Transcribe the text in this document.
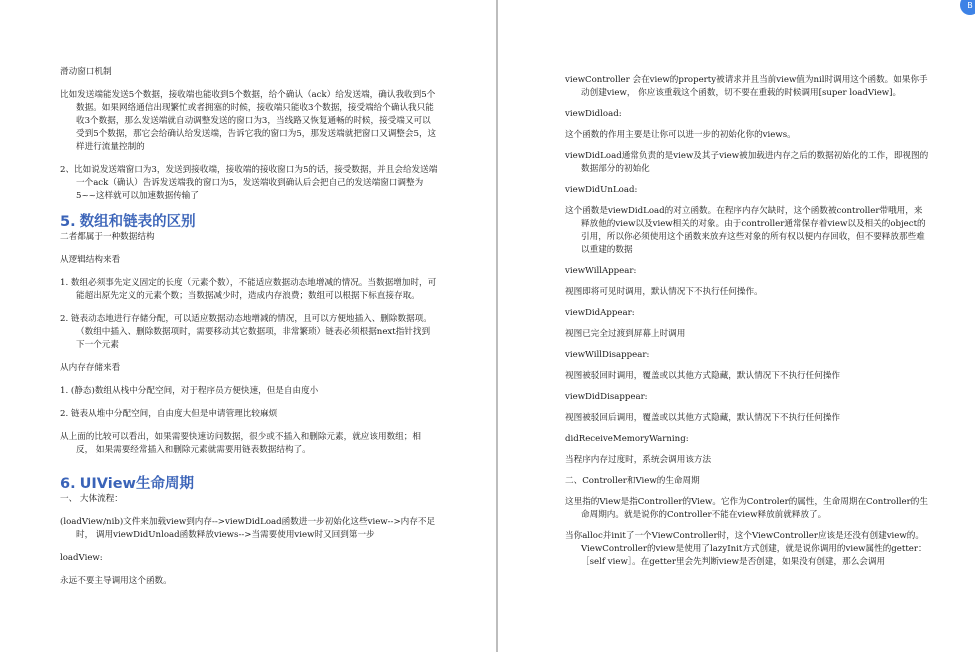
滑动窗口机制

比如发送端能发送5个数据，接收端也能收到5个数据，给个确认（ack）给发送端，确认我收到5个数据。如果网络通信出现繁忙或者拥塞的时候，接收端只能收3个数据，接受端给个确认我只能收3个数据，那么发送端就自动调整发送的窗口为3，当线路又恢复通畅的时候，接受端又可以受到5个数据，那它会给确认给发送端，告诉它我的窗口为5，那发送端就把窗口又调整会5，这样进行流量控制的

2、比如说发送端窗口为3，发送到接收端，接收端的接收窗口为5的话，接受数据，并且会给发送端一个ack（确认）告诉发送端我的窗口为5，发送端收到确认后会把自己的发送端窗口调整为5~~这样就可以加速数据传输了

5. 数组和链表的区别

二者都属于一种数据结构

从逻辑结构来看

1. 数组必须事先定义固定的长度（元素个数），不能适应数据动态地增减的情况。当数据增加时，可能超出原先定义的元素个数；当数据减少时，造成内存浪费；数组可以根据下标直接存取。

2. 链表动态地进行存储分配，可以适应数据动态地增减的情况，且可以方便地插入、删除数据项。（数组中插入、删除数据项时，需要移动其它数据项，非常繁琐）链表必须根据next指针找到下一个元素

从内存存储来看

1. (静态)数组从栈中分配空间，对于程序员方便快速，但是自由度小

2. 链表从堆中分配空间，自由度大但是申请管理比较麻烦

从上面的比较可以看出，如果需要快速访问数据，很少或不插入和删除元素，就应该用数组；相反， 如果需要经常插入和删除元素就需要用链表数据结构了。

6. UIView生命周期

一、 大体流程：

(loadView/nib)文件来加载view到内存-->viewDidLoad函数进一步初始化这些view-->内存不足时， 调用viewDidUnload函数释放views-->当需要使用view时又回到第一步

loadView:

永远不要主导调用这个函数。

B

viewController 会在view的property被请求并且当前view值为nil时调用这个函数。如果你手动创建view， 你应该重载这个函数，切不要在重载的时候调用[super loadView]。

viewDidload:

这个函数的作用主要是让你可以进一步的初始化你的views。

viewDidLoad通常负责的是view及其子view被加载进内存之后的数据初始化的工作，即视图的数据部分的初始化

viewDidUnLoad:

这个函数是viewDidLoad的对立函数。在程序内存欠缺时，这个函数被controller带哦用，来释放他的view以及view相关的对象。由于controller通常保存着view以及相关的object的引用，所以你必须使用这个函数来放弃这些对象的所有权以便内存回收，但不要释放那些难以重建的数据

viewWillAppear:

视图即将可见时调用，默认情况下不执行任何操作。

viewDidAppear:

视图已完全过渡到屏幕上时调用

viewWillDisappear:

视图被驳回时调用，覆盖或以其他方式隐藏，默认情况下不执行任何操作

viewDidDisappear:

视图被驳回后调用，覆盖或以其他方式隐藏，默认情况下不执行任何操作

didReceiveMemoryWarning:

当程序内存过度时，系统会调用该方法

二、Controller和View的生命周期

这里指的View是指Controller的View。它作为Controler的属性，生命周期在Controller的生命周期内。就是说你的Controller不能在view释放前就释放了。

当你alloc并init了一个ViewController时，这个ViewController应该是还没有创建view的。ViewController的view是使用了lazyInit方式创建，就是说你调用的view属性的getter：［self view］。在getter里会先判断view是否创建，如果没有创建，那么会调用
